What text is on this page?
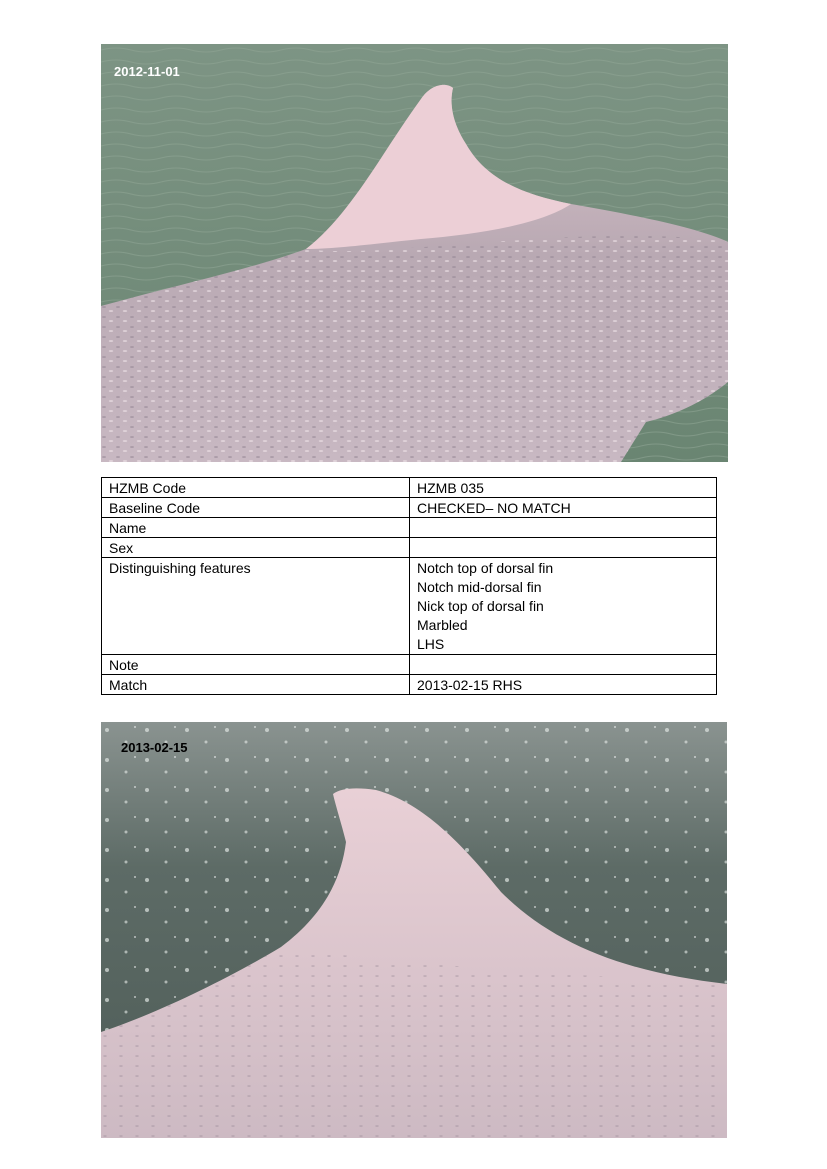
2012-11-01
HZMB Code	HZMB 035
Baseline Code	CHECKED– NO MATCH
Name	
Sex	
Distinguishing features	Notch top of dorsal fin
Notch mid-dorsal fin
Nick top of dorsal fin
Marbled
LHS

Note	
Match	2013-02-15 RHS
2013-02-15
